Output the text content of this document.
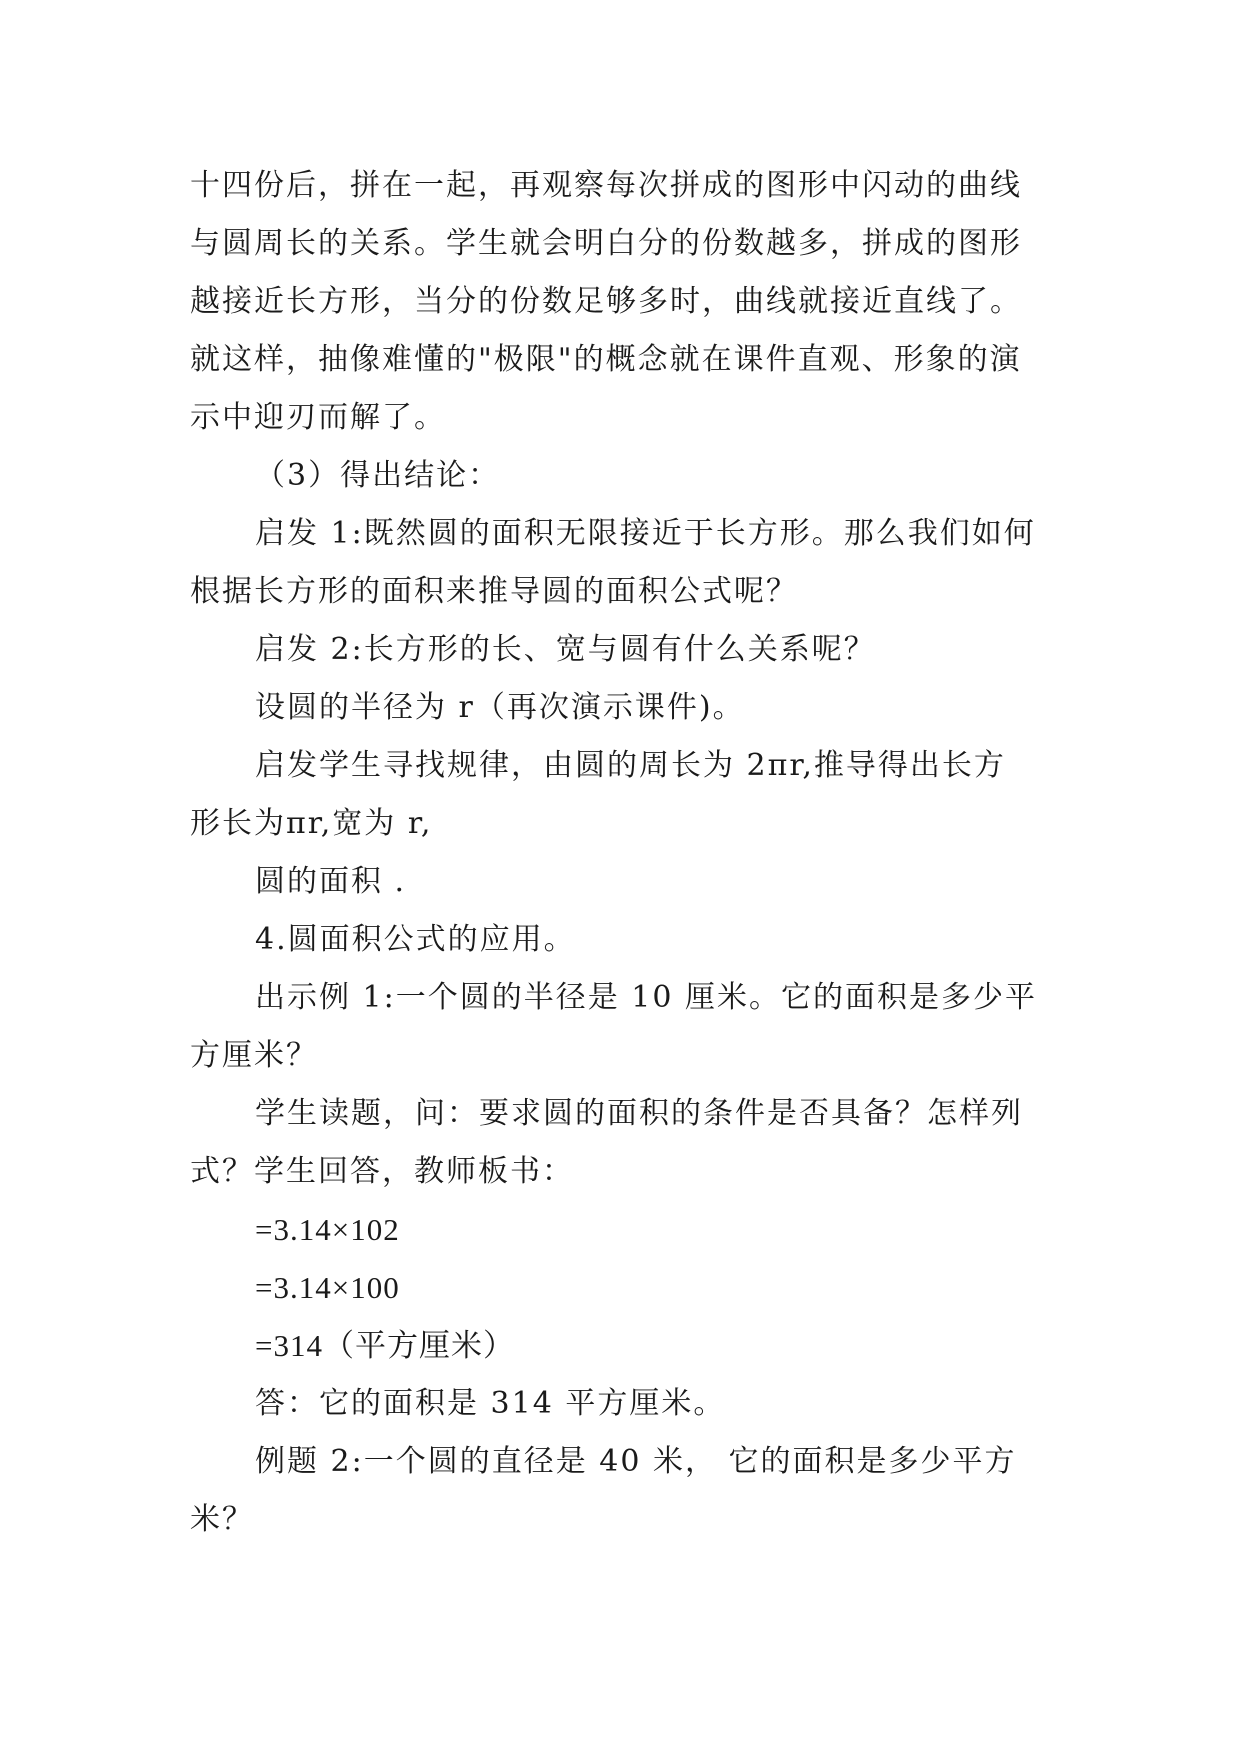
十四份后，拼在一起，再观察每次拼成的图形中闪动的曲线
与圆周长的关系。学生就会明白分的份数越多，拼成的图形
越接近长方形，当分的份数足够多时，曲线就接近直线了。
就这样，抽像难懂的"极限"的概念就在课件直观、形象的演
示中迎刃而解了。
（3）得出结论：
启发 1:既然圆的面积无限接近于长方形。那么我们如何
根据长方形的面积来推导圆的面积公式呢？
启发 2:长方形的长、宽与圆有什么关系呢？
设圆的半径为 r（再次演示课件)。
启发学生寻找规律，由圆的周长为 2πr,推导得出长方
形长为πr,宽为 r,
圆的面积 .
4.圆面积公式的应用。
出示例 1:一个圆的半径是 10 厘米。它的面积是多少平
方厘米？
学生读题，问：要求圆的面积的条件是否具备？怎样列
式？学生回答，教师板书：
=3.14×102
=3.14×100
=314（平方厘米）
答：它的面积是 314 平方厘米。
例题 2:一个圆的直径是 40 米， 它的面积是多少平方
米？
